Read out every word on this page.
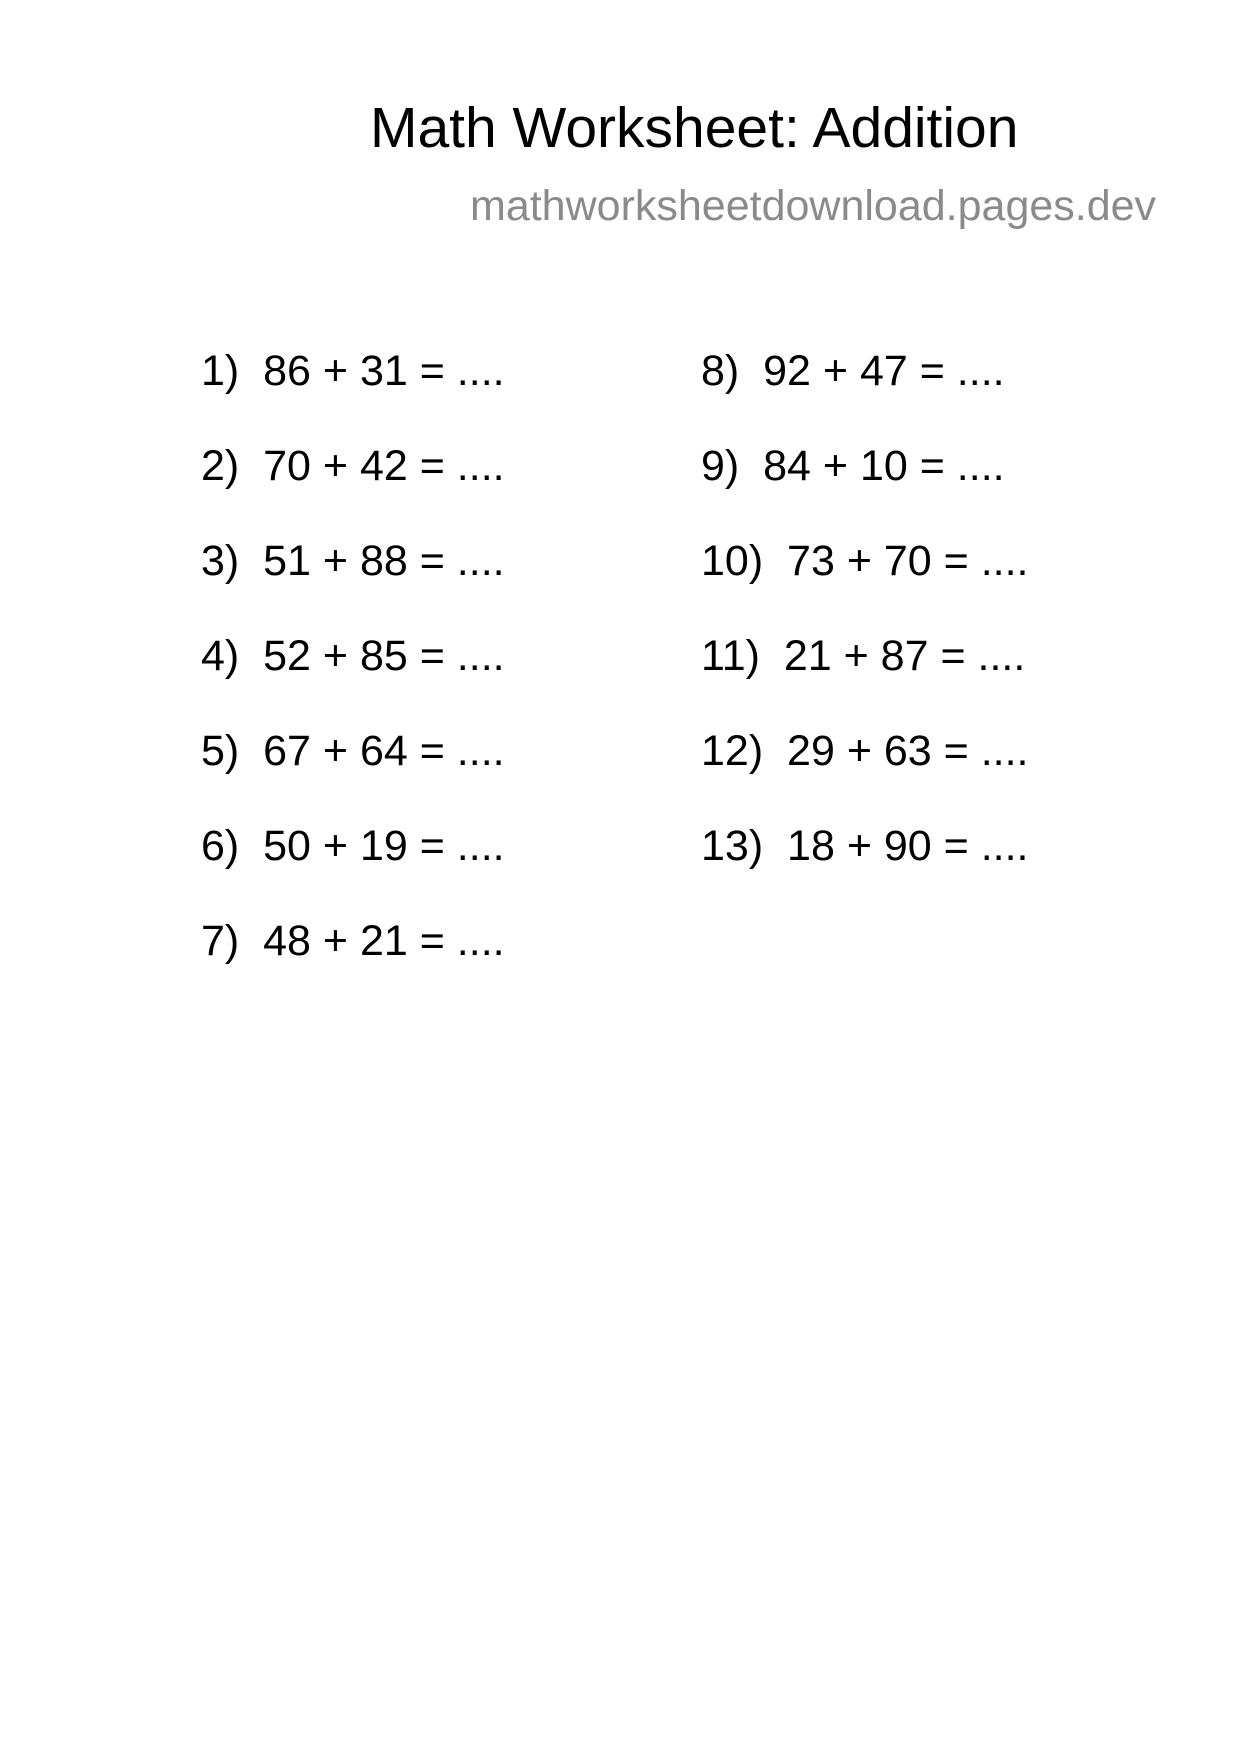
Math Worksheet: Addition
mathworksheetdownload.pages.dev
1)  86 + 31 = ....
2)  70 + 42 = ....
3)  51 + 88 = ....
4)  52 + 85 = ....
5)  67 + 64 = ....
6)  50 + 19 = ....
7)  48 + 21 = ....
8)  92 + 47 = ....
9)  84 + 10 = ....
10)  73 + 70 = ....
11)  21 + 87 = ....
12)  29 + 63 = ....
13)  18 + 90 = ....
